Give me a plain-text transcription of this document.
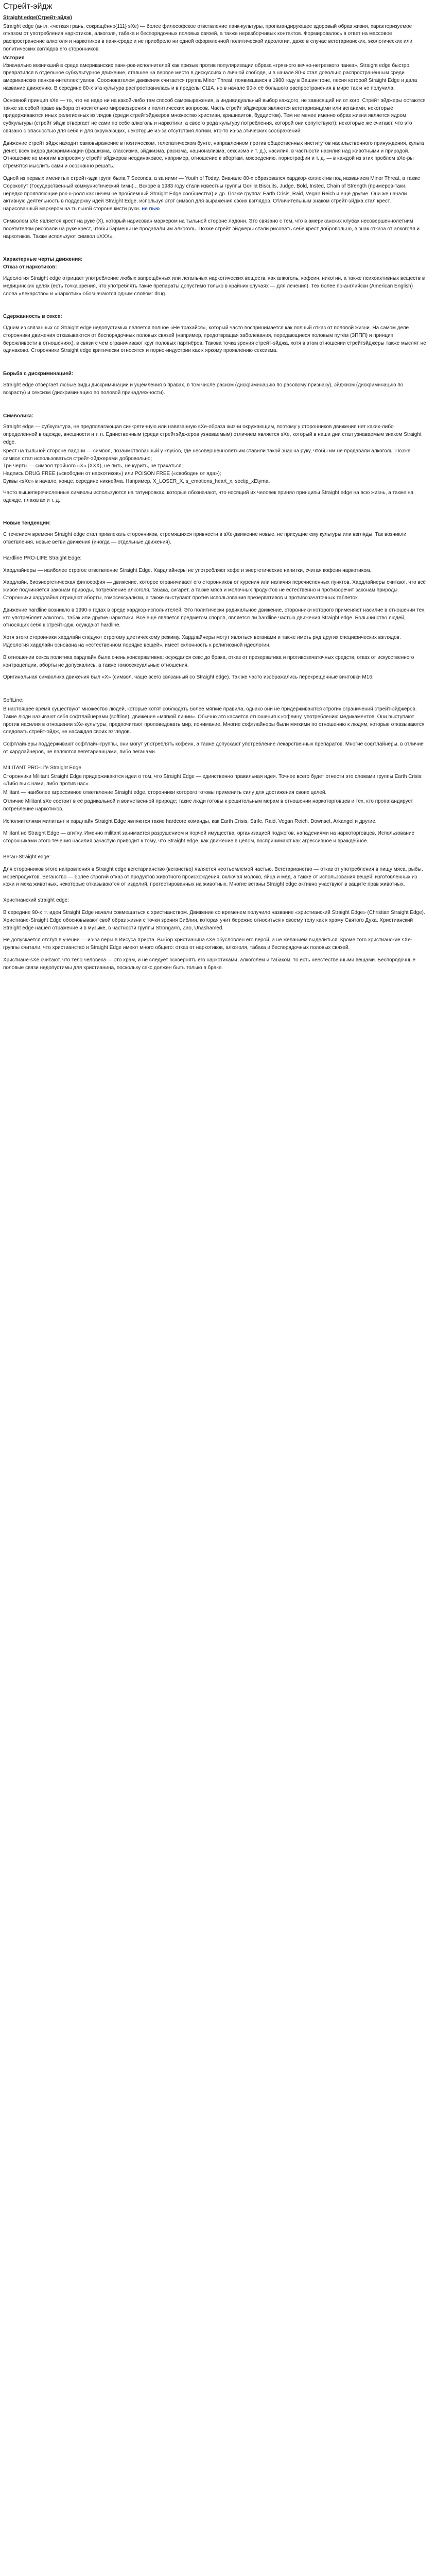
Стрейт-эйдж

Straight edge(Стрейт-эйдж)

Straight edge (англ. «четкая грань, сокращённо{111} sXe) — более философское ответвление панк-культуры, пропагандирующее здоровый образ жизни, характеризуемое отказом от употребления наркотиков, алкоголя, табака и беспорядочных половых связей, а также неразборчивых контактов. Формировалось в ответ на массовое распространение алкоголя и наркотиков в панк-среде и не приобрело ни одной оформленной политической идеологии, даже в случае вегетарианских, экологических или политических взглядов его сторонников.

История

Изначально возникший в среде американских панк-рок-исполнителей как призыв против популяризации образа «грязного вечно-нетрезвого панка», Straight edge быстро превратился в отдельное субкультурное движение, ставшее на первое место в дискуссиях о личной свободе, и в начале 80-х стал довольно распространённым среди американских панков-интеллектуалов. Сооснователем движения считается группа Minor Threat, появившаяся в 1980 году в Вашингтоне, песня которой Straight Edge и дала название движению. В середине 80-х эта культура распространилась и в пределы США, но в начале 90-х её большого распространения в мире так и не получила.

Основной принцип sXe — то, что не надо ни на какой-либо там способ самовыражения, а индивидуальный выбор каждого, не зависящий ни от кого. Стрейт эйджеры остаются также за собой право выбора относительно мировоззрения и политических вопросов. Часть стрейт эйджеров являются вегетарианцами или веганами, некоторые придерживаются иных религиозных взглядов (среди стрейтэйджеров множество христиан, кришнаитов, буддистов). Тем не менее именно образ жизни является ядром субкультуры (стрейт эйдж отвергает не сами по себе алкоголь и наркотики, а своего рода культуру потребления, которой они сопутствуют): некоторые же считают, что это связано с опасностью для себя и для окружающих, некоторые из-за отсутствия логики, кто-то из-за этических соображений.

Движение стрейт эйдж находит самовыражение в поэтическом, телепатическом бунте, направленном против общественных институтов насильственного принуждения, культа денег, всех видов дискриминации (фашизма, классизма, эйджизма, расизма, национализма, сексизма и т. д.), насилия, в частности насилия над животными и природой. Отношение ко многим вопросам у стрейт эйджеров неодинаковое, например, отношение к абортам, мясоедению, порнографии и т. д. — в каждой из этих проблем sXe-ры стремятся мыслить сами и осознанно решать.

Одной из первых именитых стрейт-эдж групп была 7 Seconds, а за ними — Youth of Today. Вначале 80-х образовался хардкор-коллектив под названием Minor Threat, а также Сорокопут (Государственный коммунистический гимн)... Вскоре в 1983 году стали известны группы Gorilla Biscuits, Judge, Bold, Insted, Chain of Strength (примеров-таки, нередко проявляющие рок-н-ролл как ничем не проблемный Straight Edge сообщества) и др. Позже группа: Earth Crisis, Raid, Vegan Reich и ещё другие. Они же начали активную деятельность в поддержку идей Straight Edge, используя этот символ для выражения своих взглядов. Отличительным знаком стрейт-эйджа стал крест, нарисованный маркером на тыльной стороне кисти руки. не пью

Символом sXe является крест на руке (X), который нарисован маркером на тыльной стороне ладони. Это связано с тем, что в американских клубах несовершеннолетним посетителям рисовали на руке крест, чтобы бармены не продавали им алкоголь. Позже стрейт эйджеры стали рисовать себе крест добровольно, в знак отказа от алкоголя и наркотиков. Также используют символ «XXX».

Характерные черты движения:

Отказ от наркотиков:

Идеология Straight edge отрицает употребление любых запрещённых или легальных наркотических веществ, как алкоголь, кофеин, никотин, а также психоактивных веществ в медицинских целях (есть точка зрения, что употреблять такие препараты допустимо только в крайних случаях — для лечения). Тех более по-английски (American English) слова «лекарство» и «наркотик» обозначаются одним словом: drug.

Сдержанность в сексе:

Одним из связанных со Straight edge недопустимых является полное «Не трахайся», который часто воспринимается как полный отказ от половой жизни. На самом деле сторонники движения отказываются от беспорядочных половых связей (например, предотвращая заболевания, передающиеся половым путём (ЗППП) и принцип бережливости в отношениях), в связи с чем ограничивают круг половых партнёров. Такова точка зрения стрейт-эйджа, хотя в этом отношении стрейтэйджеры также мыслят не одинаково. Сторонники Straight edge критически относятся и порно-индустрии как к яркому проявлению сексизма.

Борьба с дискриминацией:

Straight edge отвергает любые виды дискриминации и ущемления в правах, в том числе расизм (дискриминацию по расовому признаку), эйджизм (дискриминацию по возрасту) и сексизм (дискриминацию по половой принадлежности).

Символика:

Straight edge — субкультура, не предполагающая синкретичную или навязанную sXe-образа жизни окружающим, поэтому у сторонников движения нет каких-либо определённой в одежде, внешности и т. п. Единственным (среди стрейтэйджеров узнаваемым) отличием является sXe, который в наши дни стал узнаваемым знаком Straight edge.

Крест на тыльной стороне ладони — символ, позаимствованный у клубов, где несовершеннолетним ставили такой знак на руку, чтобы им не продавали алкоголь. Позже символ стал использоваться стрейт-эйджерами добровольно;
Три черты — символ тройного «Х» (XXX), не пить, не курить, не трахаться;
Надпись DRUG FREE («свободен от наркотиков») или POISON FREE («свободен от яда»);
Буквы «sXe» в начале, конце, середине никнейма. Например, Х_LOSER_Х, s_emotions_heart_х, sectip_xEtyma.

Часто вышеперечисленные символы используются на татуировках, которые обозначают, что носящий их человек принял принципы Straight edge на всю жизнь, а также на одежде, плакатах и т. д.

Новые тенденции:

С течением времени Straight edge стал привлекать сторонников, стремящихся привнести в sXe-движение новые, не присущие ему культуры или взгляды. Так возникли ответвления, новые ветви движения (иногда — отдельные движения).

Hardline PRO-LIFE Straight Edge:

Хардлайнеры — наиболее строгое ответвление Straight Edge. Хардлайнеры не употребляют кофе и энергетические напитки, считая кофеин наркотиком.

Хардлайн, биоэнергетическая философия — движение, которое ограничивает его сторонников от курения или наличия перечисленных пунктов. Хардлайнеры считают, что всё живое подчиняется законам природы, потребление алкоголя, табака, сигарет, а также мяса и молочных продуктов не естественно и противоречит законам природы. Сторонники хардлайна отрицают аборты, гомосексуализм, а также выступают против использования презервативов и противозачаточных таблеток.

Движение hardline возникло в 1990-х годах в среде хардкор-исполнителей. Это политически радикальное движение, сторонники которого применяют насилие в отношении тех, кто употребляет алкоголь, табак или другие наркотики. Всё ещё является предметом споров, является ли hardline частью движения Straight edge. Большинство людей, относящих себя к стрейт-эдж, осуждают hardline.

Хотя этого сторонники хардлайн следуют строгому диетическому режиму. Хардлайнеры могут являться веганами и также иметь ряд других специфических взглядов. Идеология хардлайн основана на «естественном порядке вещей», имеет склонность к религиозной идеологии.

В отношении секса политика хардлайн была очень консервативна: осуждался секс до брака, отказ от презерватива и противозачаточных средств, отказ от искусственного контрацепции, аборты не допускались, а также гомосексуальные отношения.

Оригинальная символика движения был «X» (символ, чаще всего связанный со Straight edge). Так же часто изображались перекрещенные винтовки М16.

SoftLine:

В настоящее время существуют множество людей, которые хотят соблюдать более мягкие правила, однако они не придерживаются строгих ограничений стрейт-эйджеров. Такие люди называют себя софтлайнерами (softline), движение «мягкой линии». Обычно это касается отношения к кофеину, употреблению медикаментов. Они выступают против насилия в отношении sXe-культуры, предпочитают проповедовать мир, понимание. Многие софтлайнеры были мягкими по отношению к людям, которые отказываются следовать стрейт-эйдж, не насаждая своих взглядов.

Софтлайнеры поддерживают софтлайн-группы, они могут употреблять кофеин, а также допускают употребление лекарственных препаратов. Многие софтлайнеры, в отличие от хардлайнеров, не являются вегетарианцами, либо веганами.

MILITANT PRO-Life Straight Edge

Сторонники Militant Straight Edge придерживаются идеи о том, что Straight Edge — единственно правильная идея. Точнее всего будет отнести это словами группы Earth Crisis: «Либо вы с нами, либо против нас».

Militant — наиболее агрессивное ответвление Straight edge, сторонники которого готовы применить силу для достижения своих целей.

Отличие Militant sXe состоит в её радикальной и воинственной природе; такие люди готовы к решительным мерам в отношении наркоторговцев и тех, кто пропагандирует потребление наркотиков.

Исполнителями милитант и хардлайн Straight Edge являются такие hardcore команды, как Earth Crisis, Strife, Raid, Vegan Reich, Downset, Arkangel и другие.

Militant не Straight Edge — агитку. Именно militant занимается разрушением и порчей имущества, организацией поджогов, нападениями на наркоторговцев. Использование сторонниками этого течения насилия зачастую приводит к тому, что Straight edge, как движение в целом, воспринимают как агрессивное и враждебное.

Веган-Straight edge:

Для сторонников этого направления в Straight edge вегетарианство (веганство) является неотъемлемой частью. Вегетарианство — отказ от употребления в пищу мяса, рыбы, морепродуктов. Веганство — более строгий отказ от продуктов животного происхождения, включая молоко, яйца и мёд, а также от использования вещей, изготовленных из кожи и меха животных, некоторые отказываются от изделий, протестированных на животных. Многие веганы Straight edge активно участвуют в защите прав животных.

Христианский straight edge:

В середине 90-х гг. идеи Straight Edge начали совмещаться с христианством. Движение со временем получило название «христианский Straight Edge» (Christian Straight Edge). Христиане-Straight Edge обосновывают свой образ жизни с точки зрения Библии, которая учит бережно относиться к своему телу как к храму Святого Духа. Христианский Straight edge нашёл отражение и в музыке, в частности группы Strongarm, Zao, Unashamed.

Не допускается отступ в учении — из-за веры в Иисуса Христа. Выбор христианина sXe обусловлен его верой, а не желанием выделиться. Кроме того христианские sXe-группы считали, что христианство и Straight Edge имеют много общего: отказ от наркотиков, алкоголя, табака и беспорядочных половых связей.

Христиане-sXe считают, что тело человека — это храм, и не следует осквернять его наркотиками, алкоголем и табаком, то есть неестественными вещами. Беспорядочные половые связи недопустимы для христианина, поскольку секс должен быть только в браке.
